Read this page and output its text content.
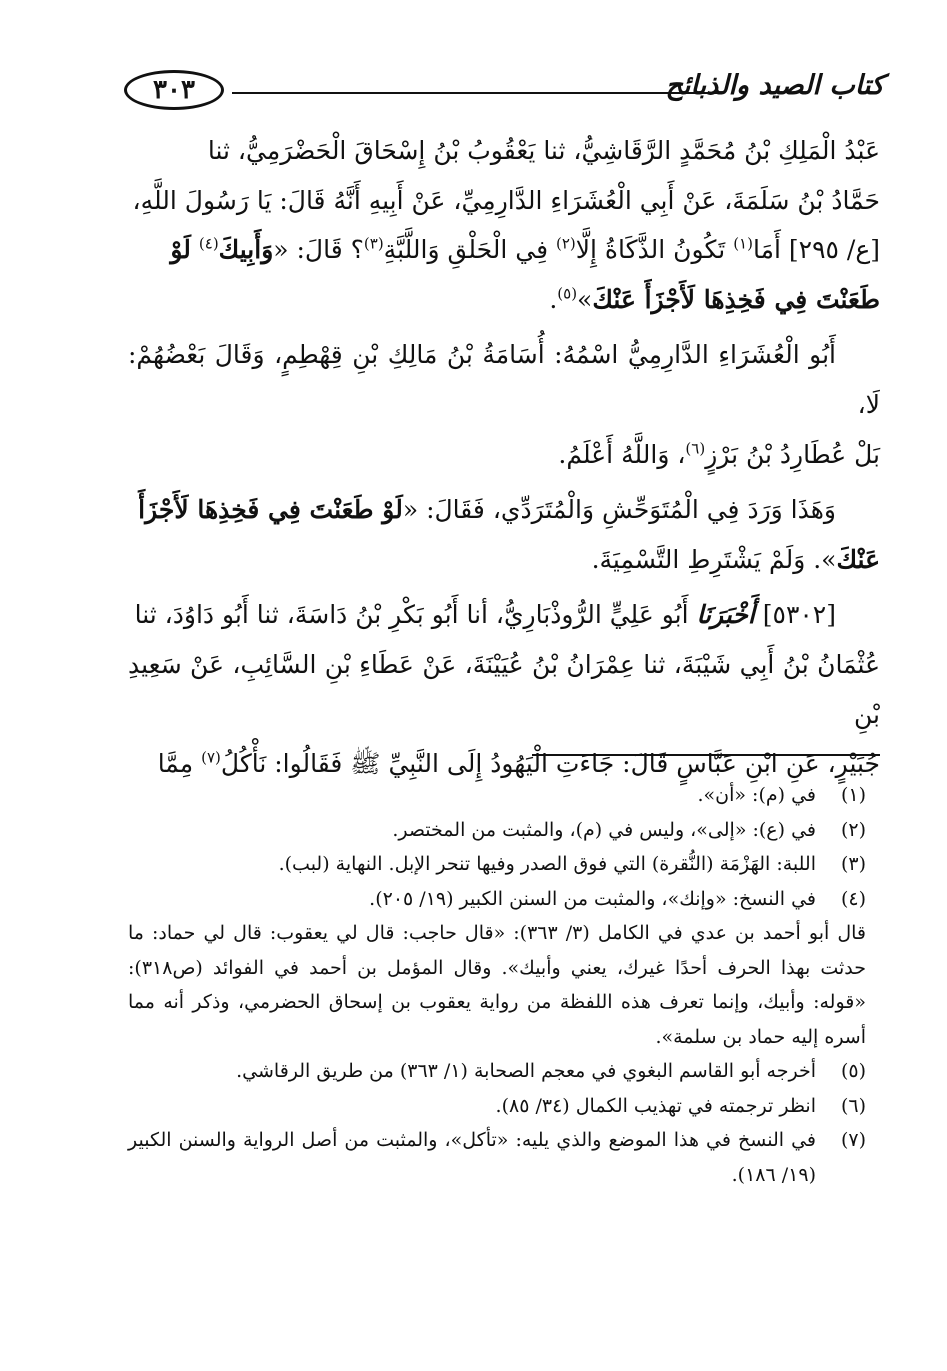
كتاب الصيد والذبائح
٣٠٣

عَبْدُ الْمَلِكِ بْنُ مُحَمَّدٍ الرَّقَاشِيُّ، ثنا يَعْقُوبُ بْنُ إِسْحَاقَ الْحَضْرَمِيُّ، ثنا

حَمَّادُ بْنُ سَلَمَةَ، عَنْ أَبِي الْعُشَرَاءِ الدَّارِمِيِّ، عَنْ أَبِيهِ أَنَّهُ قَالَ: يَا رَسُولَ اللَّهِ،

[ع/ ٢٩٥] أَمَا$^{(١)}$ تَكُونُ الذَّكَاةُ إِلَّا$^{(٢)}$ فِي الْحَلْقِ وَاللَّبَّةِ$^{(٣)}$؟ قَالَ: «وَأَبِيكَ$^{(٤)}$ لَوْ

طَعَنْتَ فِي فَخِذِهَا لَأَجْزَأَ عَنْكَ»$^{(٥)}$.

أَبُو الْعُشَرَاءِ الدَّارِمِيُّ اسْمُهُ: أُسَامَةُ بْنُ مَالِكِ بْنِ قِهْطِمٍ، وَقَالَ بَعْضُهُمْ: لَا،

بَلْ عُطَارِدُ بْنُ بَرْزٍ$^{(٦)}$، وَاللَّهُ أَعْلَمُ.

وَهَذَا وَرَدَ فِي الْمُتَوَحِّشِ وَالْمُتَرَدِّي، فَقَالَ: «لَوْ طَعَنْتَ فِي فَخِذِهَا لَأَجْزَأَ

عَنْكَ». وَلَمْ يَشْتَرِطِ التَّسْمِيَةَ.

[٥٣٠٢] أَخْبَرَنَا أَبُو عَلِيٍّ الرُّوذْبَارِيُّ، أنا أَبُو بَكْرِ بْنُ دَاسَةَ، ثنا أَبُو دَاوُدَ، ثنا

عُثْمَانُ بْنُ أَبِي شَيْبَةَ، ثنا عِمْرَانُ بْنُ عُيَيْنَةَ، عَنْ عَطَاءِ بْنِ السَّائِبِ، عَنْ سَعِيدِ بْنِ

جُبَيْرٍ، عَنِ ابْنِ عَبَّاسٍ قَالَ: جَاءَتِ الْيَهُودُ إِلَى النَّبِيِّ ﷺ فَقَالُوا: نَأْكُلُ$^{(٧)}$ مِمَّا

(١)
في (م): «أن».
(٢)
في (ع): «إلى»، وليس في (م)، والمثبت من المختصر.
(٣)
اللبة: الهَزْمَة (النُّقرة) التي فوق الصدر وفيها تنحر الإبل. النهاية (لبب).
(٤)
في النسخ: «وإنك»، والمثبت من السنن الكبير (١٩/ ٢٠٥).
قال أبو أحمد بن عدي في الكامل (٣/ ٣٦٣): «قال حاجب: قال لي يعقوب: قال لي حماد: ما حدثت بهذا الحرف أحدًا غيرك، يعني وأبيك». وقال المؤمل بن أحمد في الفوائد (ص٣١٨): «قوله: وأبيك، وإنما تعرف هذه اللفظة من رواية يعقوب بن إسحاق الحضرمي، وذكر أنه مما أسره إليه حماد بن سلمة».
(٥)
أخرجه أبو القاسم البغوي في معجم الصحابة (١/ ٣٦٣) من طريق الرقاشي.
(٦)
انظر ترجمته في تهذيب الكمال (٣٤/ ٨٥).
(٧)
في النسخ في هذا الموضع والذي يليه: «تأكل»، والمثبت من أصل الرواية والسنن الكبير (١٩/ ١٨٦).
